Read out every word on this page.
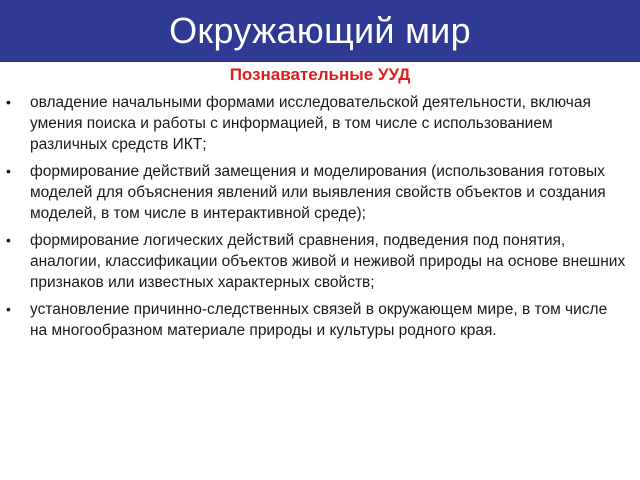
Окружающий мир
Познавательные УУД
• овладение начальными формами исследовательской деятельности, включая умения поиска и работы с информацией, в том числе с использованием различных средств ИКТ;
• формирование действий замещения и моделирования (использования готовых моделей для объяснения явлений или выявления свойств объектов и создания моделей, в том числе в интерактивной среде);
• формирование логических действий сравнения, подведения под понятия, аналогии, классификации объектов живой и неживой природы на основе внешних признаков или известных характерных свойств;
• установление причинно-следственных связей в окружающем мире, в том числе на многообразном материале природы и культуры родного края.
